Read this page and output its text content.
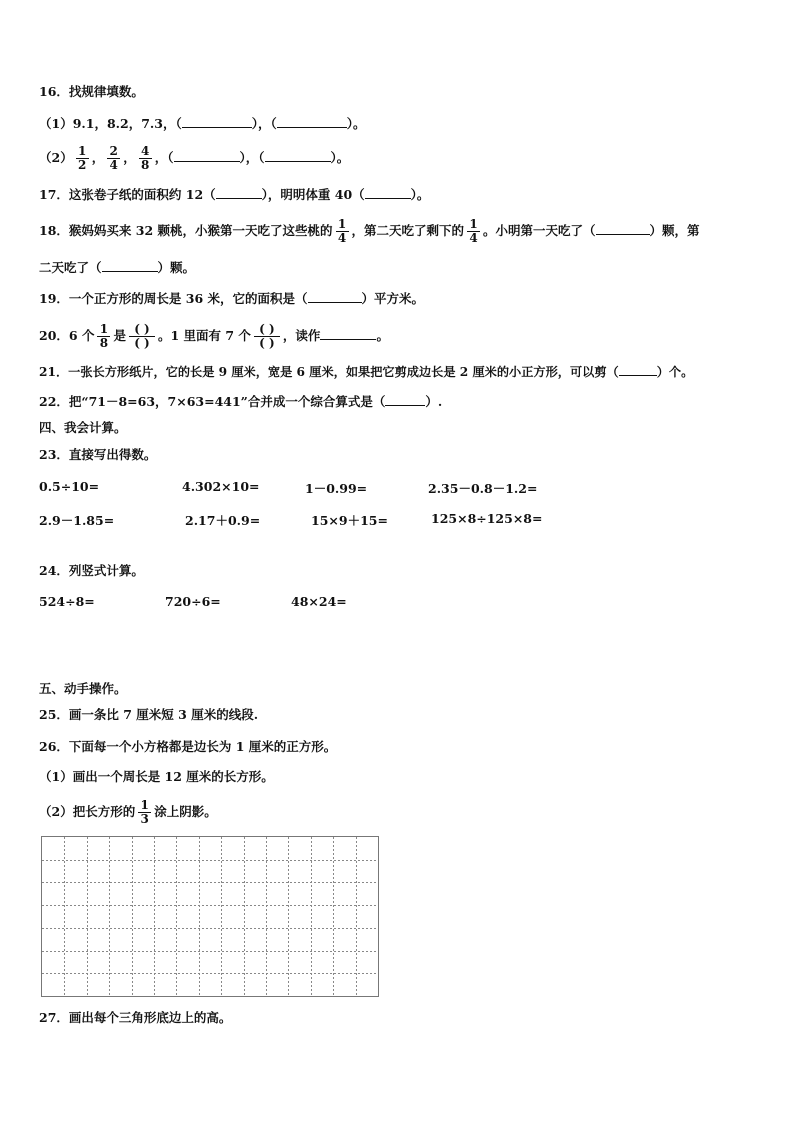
16．找规律填数。
（1）9.1，8.2，7.3，（	），（	）。
$(2) \frac{1}{2}$ ， $\frac{2}{4}$ ， $\frac{4}{8}$ ，（	），（	）。
17．这张卷子纸的面积约 12（	），明明体重 40（	）。
18．猴妈妈买来 32 颗桃，小猴第一天吃了这些桃的 $\frac{1}{4}$ ，第二天吃了剩下的 $\frac{1}{4}$ 。小明第一天吃了（	）颗，第
二天吃了（	）颗。
19．一个正方形的周长是 36 米，它的面积是（	）平方米。
20．6 个 $\frac{1}{8}$ 是 $\frac{( )}{( )}$ 。1 里面有 7 个 $\frac{( )}{( )}$ ，读作	。
21．一张长方形纸片，它的长是 9 厘米，宽是 6 厘米，如果把它剪成边长是 2 厘米的小正方形，可以剪（	）个。
22．把“71－8=63，7×63=441”合并成一个综合算式是（	）.
四、我会计算。
23．直接写出得数。
0.5÷10=	4.302×10=	1－0.99=	2.35－0.8－1.2=
2.9－1.85=	2.17＋0.9=	15×9＋15=	125×8÷125×8=
24．列竖式计算。
524÷8=	720÷6=	48×24=
五、动手操作。
25．画一条比 7 厘米短 3 厘米的线段.
26．下面每一个小方格都是边长为 1 厘米的正方形。
（1）画出一个周长是 12 厘米的长方形。
（2）把长方形的 $\frac{1}{3}$ 涂上阴影。
27．画出每个三角形底边上的高。
